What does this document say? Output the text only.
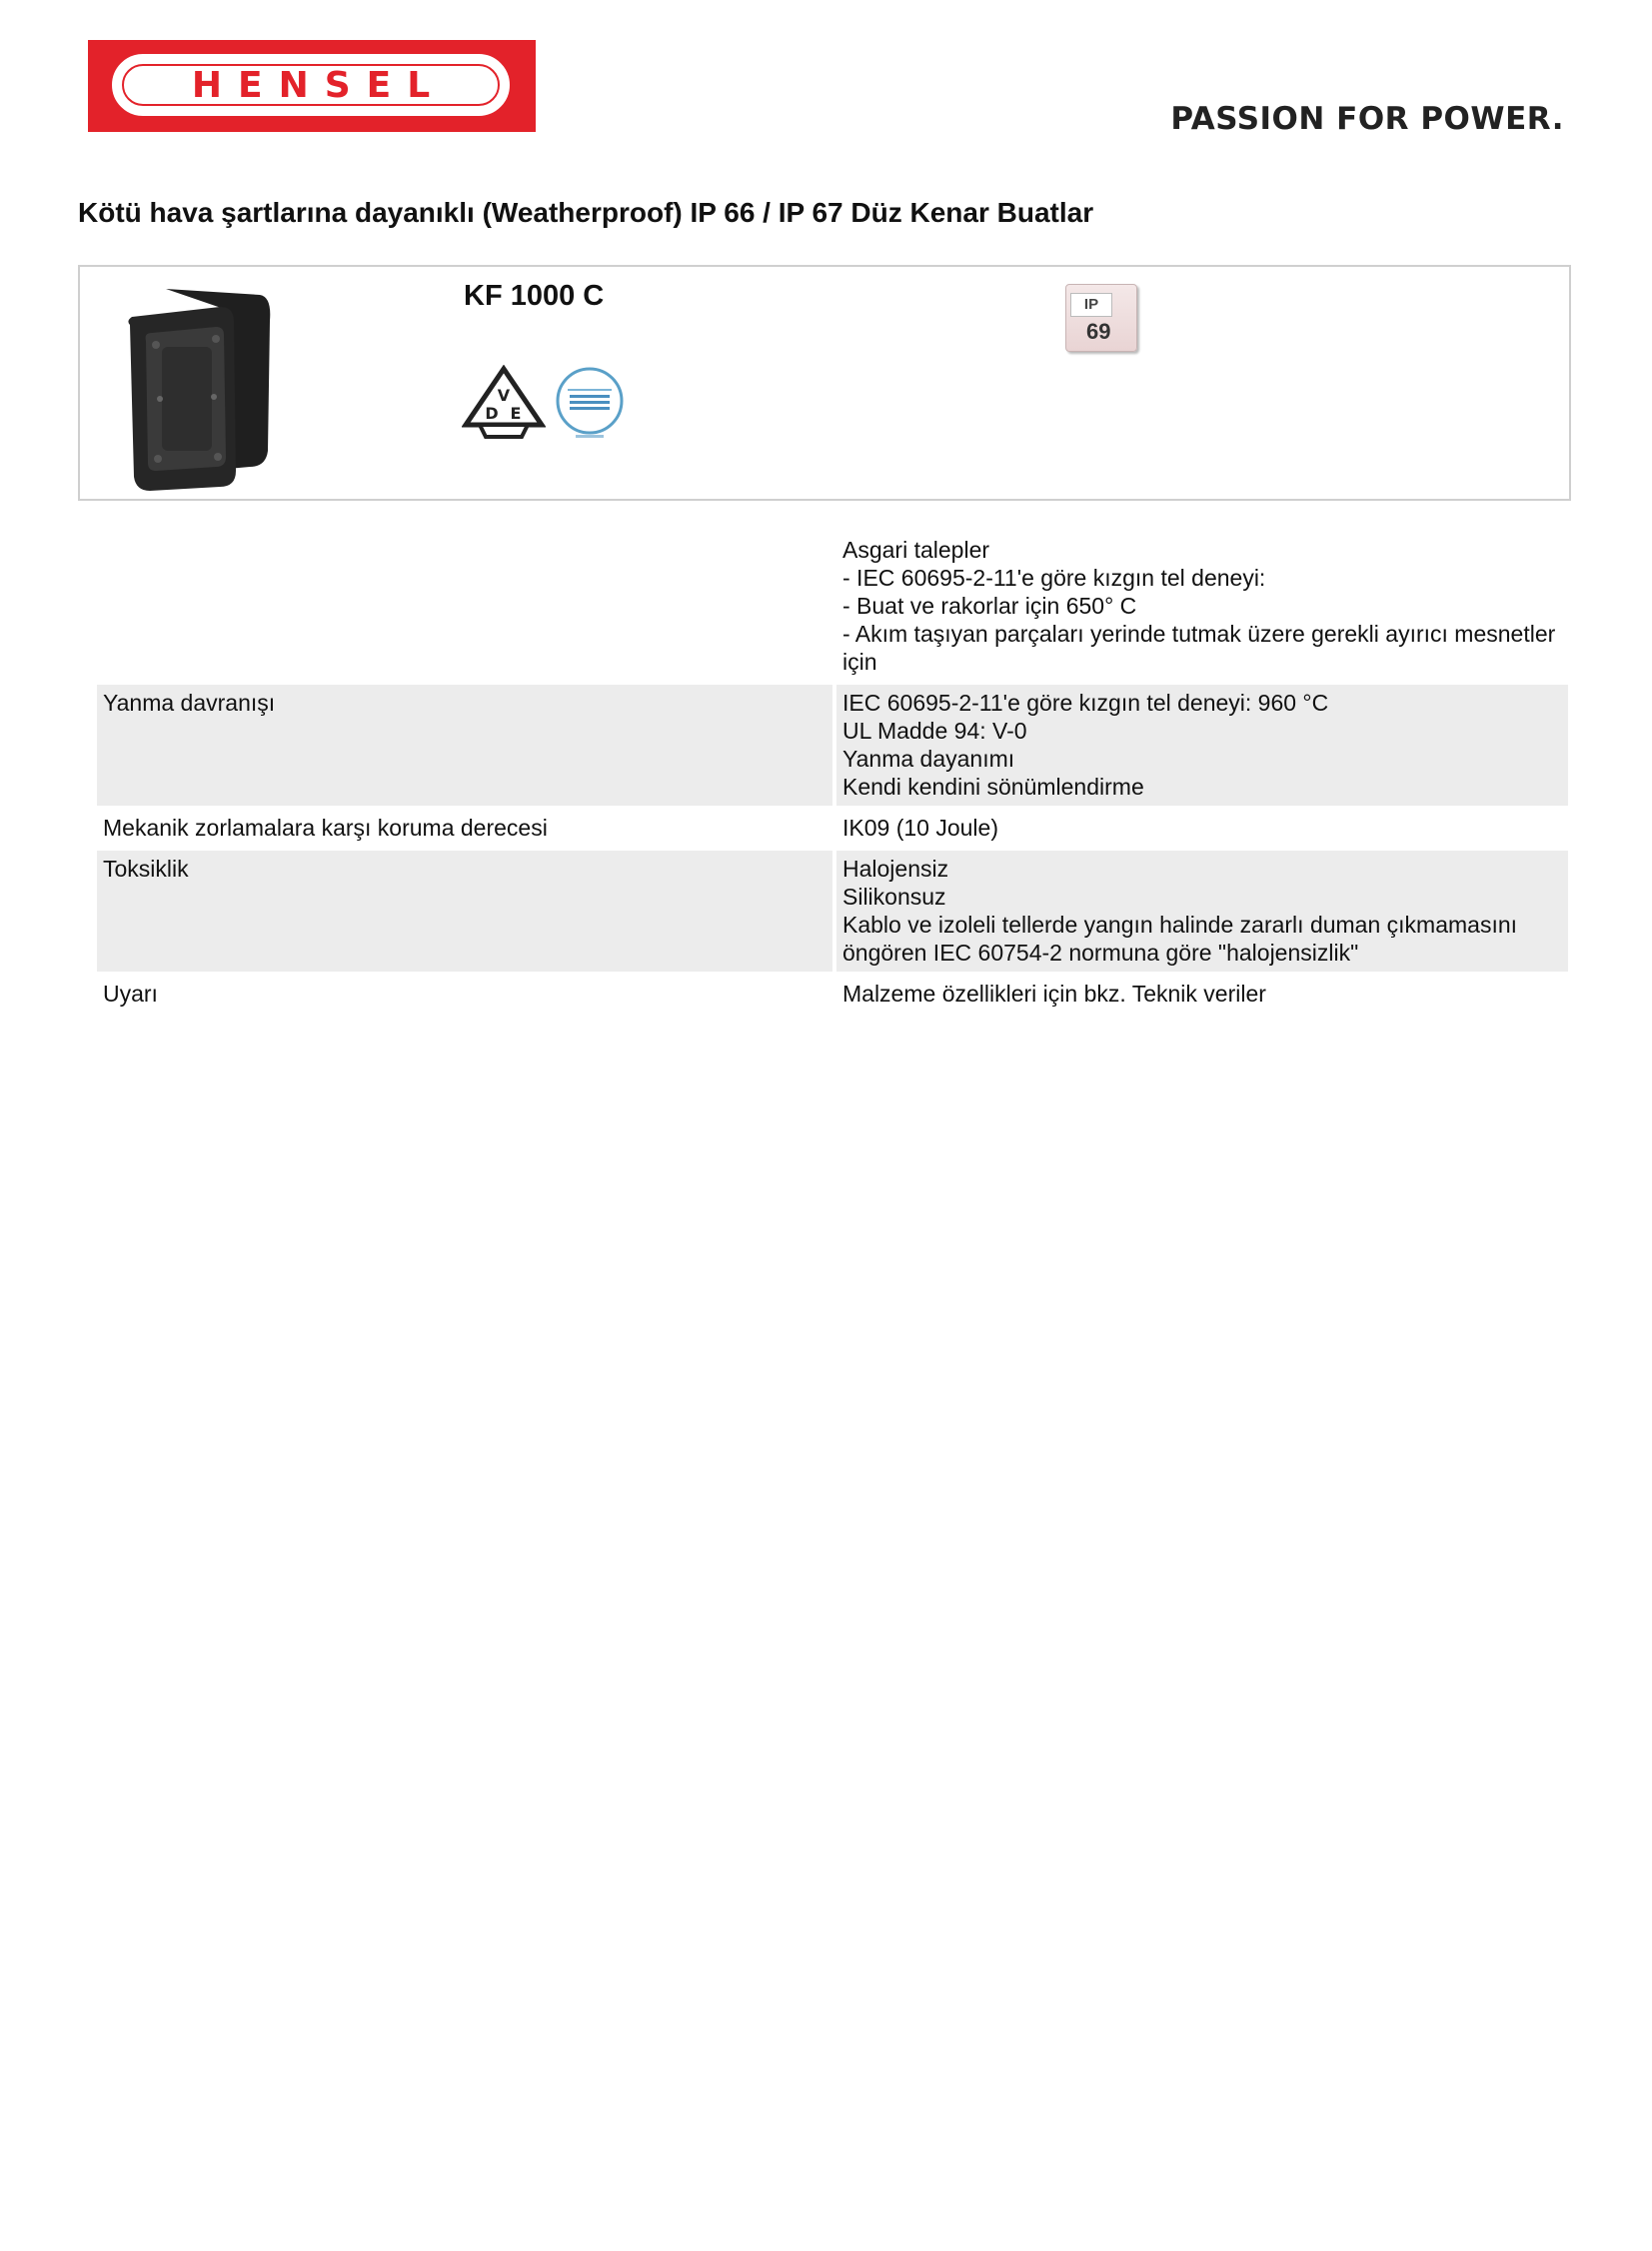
HENSEL
PASSION FOR POWER.
Kötü hava şartlarına dayanıklı (Weatherproof) IP 66 / IP 67 Düz Kenar Buatlar
KF 1000 C
V
D E
IP
69

	Asgari talepler
- IEC 60695-2-11'e göre kızgın tel deneyi:
- Buat ve rakorlar için 650° C
- Akım taşıyan parçaları yerinde tutmak üzere gerekli ayırıcı mesnetler için

Yanma davranışı	IEC 60695-2-11'e göre kızgın tel deneyi: 960 °C
UL Madde 94: V-0
Yanma dayanımı
Kendi kendini sönümlendirme

Mekanik zorlamalara karşı koruma derecesi	IK09 (10 Joule)

Toksiklik	Halojensiz
Silikonsuz
Kablo ve izoleli tellerde yangın halinde zararlı duman çıkmamasını öngören IEC 60754-2 normuna göre "halojensizlik"

Uyarı	Malzeme özellikleri için bkz. Teknik veriler
